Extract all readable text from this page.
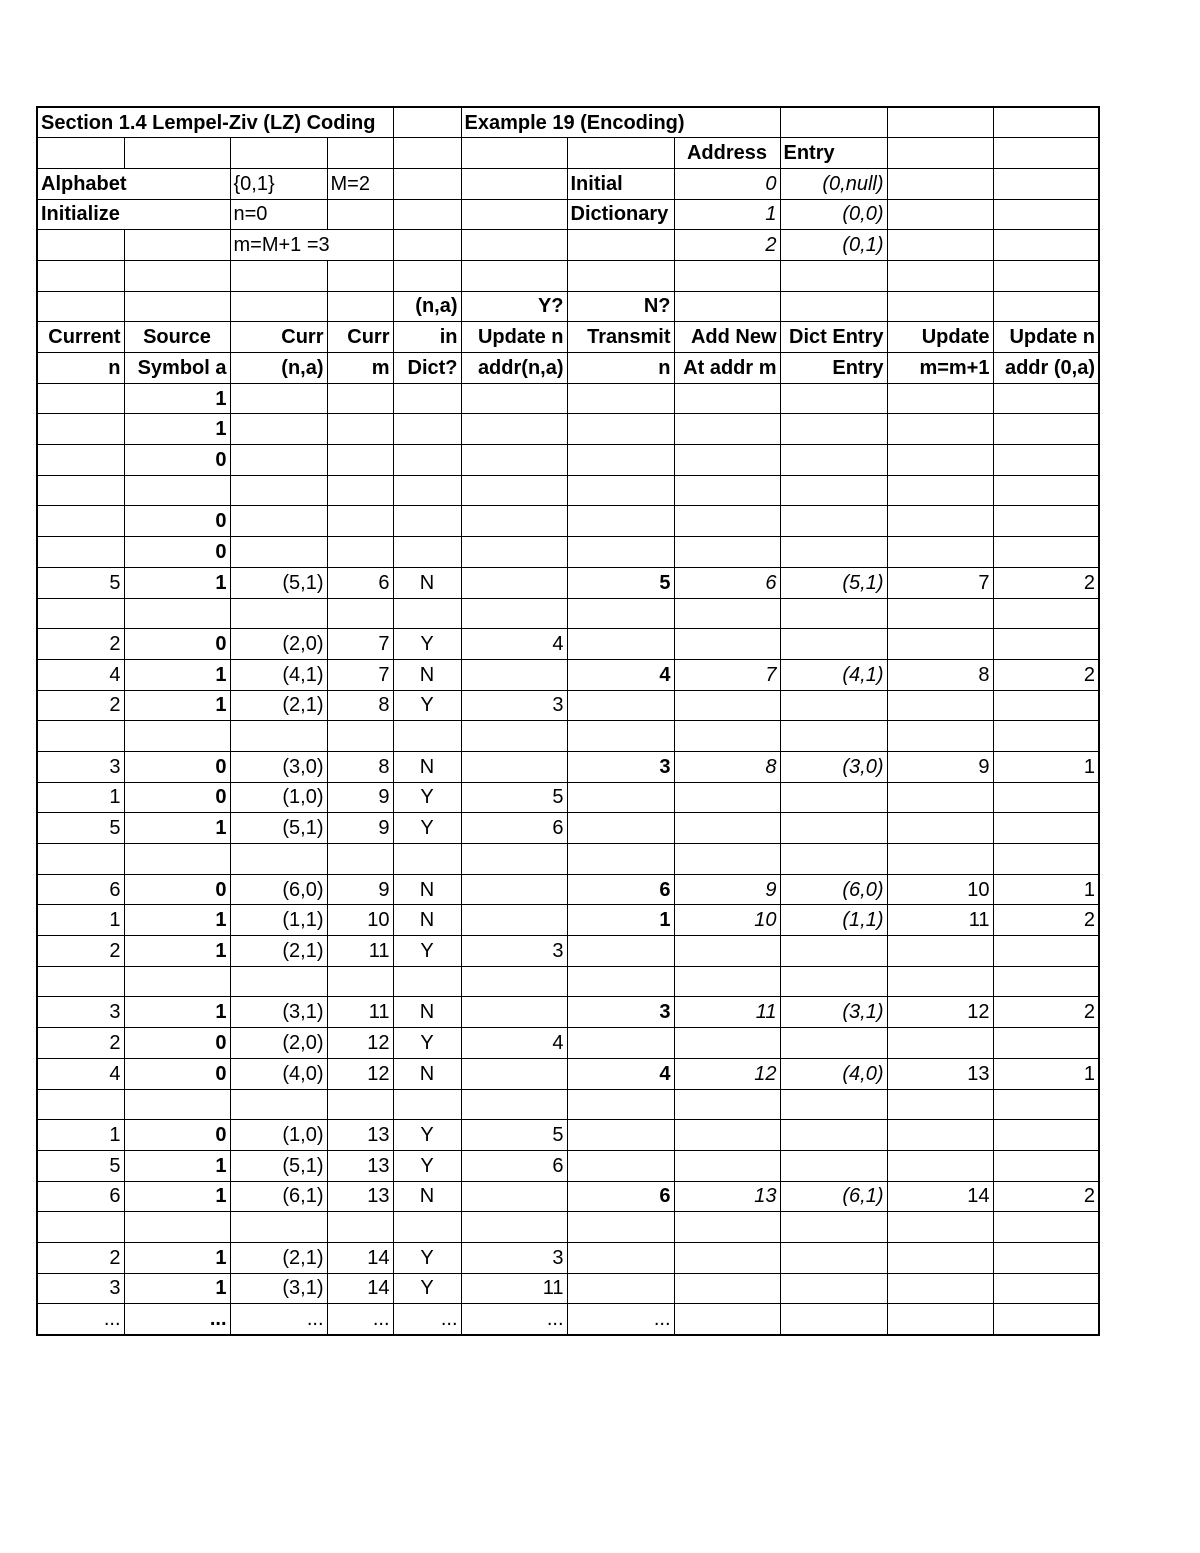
Section 1.4 Lempel-Ziv (LZ) Coding					Example 19 (Encoding)					
							Address	Entry		
Alphabet		{0,1}	M=2			Initial	0	(0,null)		
Initialize		n=0				Dictionary	1	(0,0)		
		m=M+1 =3					2	(0,1)		

				(n,a)	Y?	N?				
Current	Source	Curr	Curr	in	Update n	Transmit	Add New	Dict Entry	Update	Update n
n	Symbol a	(n,a)	m	Dict?	addr(n,a)	n	At addr m	Entry	m=m+1	addr (0,a)
	1									
	1									
	0									

	0									
	0									
5	1	(5,1)	6	N		5	6	(5,1)	7	2

2	0	(2,0)	7	Y	4					
4	1	(4,1)	7	N		4	7	(4,1)	8	2
2	1	(2,1)	8	Y	3					

3	0	(3,0)	8	N		3	8	(3,0)	9	1
1	0	(1,0)	9	Y	5					
5	1	(5,1)	9	Y	6					

6	0	(6,0)	9	N		6	9	(6,0)	10	1
1	1	(1,1)	10	N		1	10	(1,1)	11	2
2	1	(2,1)	11	Y	3					

3	1	(3,1)	11	N		3	11	(3,1)	12	2
2	0	(2,0)	12	Y	4					
4	0	(4,0)	12	N		4	12	(4,0)	13	1

1	0	(1,0)	13	Y	5					
5	1	(5,1)	13	Y	6					
6	1	(6,1)	13	N		6	13	(6,1)	14	2

2	1	(2,1)	14	Y	3					
3	1	(3,1)	14	Y	11					
...	...	...	...	...	...	...				
